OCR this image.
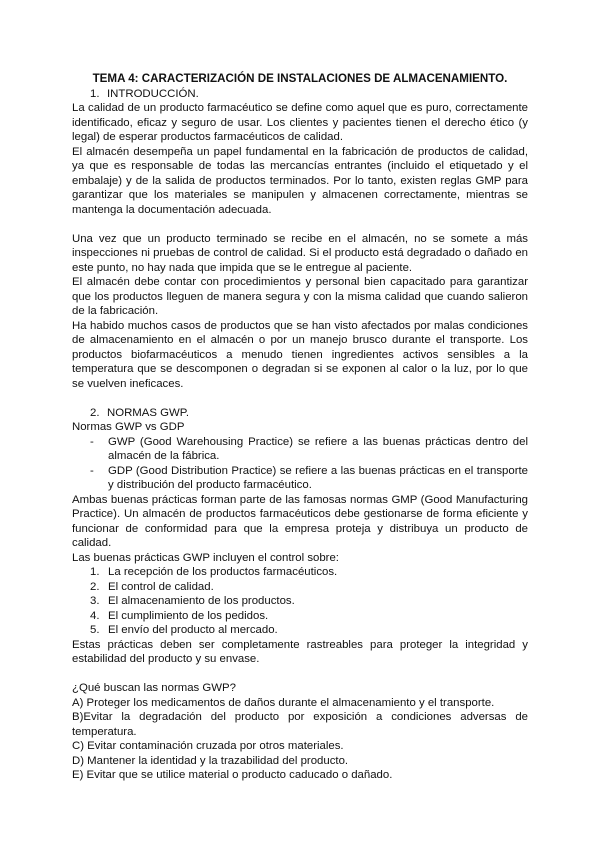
TEMA 4: CARACTERIZACIÓN DE INSTALACIONES DE ALMACENAMIENTO.
1. INTRODUCCIÓN.

La calidad de un producto farmacéutico se define como aquel que es puro, correctamente identificado, eficaz y seguro de usar. Los clientes y pacientes tienen el derecho ético (y legal) de esperar productos farmacéuticos de calidad.

El almacén desempeña un papel fundamental en la fabricación de productos de calidad, ya que es responsable de todas las mercancías entrantes (incluido el etiquetado y el embalaje) y de la salida de productos terminados. Por lo tanto, existen reglas GMP para garantizar que los materiales se manipulen y almacenen correctamente, mientras se mantenga la documentación adecuada.

Una vez que un producto terminado se recibe en el almacén, no se somete a más inspecciones ni pruebas de control de calidad. Si el producto está degradado o dañado en este punto, no hay nada que impida que se le entregue al paciente.

El almacén debe contar con procedimientos y personal bien capacitado para garantizar que los productos lleguen de manera segura y con la misma calidad que cuando salieron de la fabricación.

Ha habido muchos casos de productos que se han visto afectados por malas condiciones de almacenamiento en el almacén o por un manejo brusco durante el transporte. Los productos biofarmacéuticos a menudo tienen ingredientes activos sensibles a la temperatura que se descomponen o degradan si se exponen al calor o la luz, por lo que se vuelven ineficaces.

2. NORMAS GWP.

Normas GWP vs GDP

- GWP (Good Warehousing Practice) se refiere a las buenas prácticas dentro del almacén de la fábrica.
- GDP (Good Distribution Practice) se refiere a las buenas prácticas en el transporte y distribución del producto farmacéutico.

Ambas buenas prácticas forman parte de las famosas normas GMP (Good Manufacturing Practice). Un almacén de productos farmacéuticos debe gestionarse de forma eficiente y funcionar de conformidad para que la empresa proteja y distribuya un producto de calidad.

Las buenas prácticas GWP incluyen el control sobre:

1. La recepción de los productos farmacéuticos.
2. El control de calidad.
3. El almacenamiento de los productos.
4. El cumplimiento de los pedidos.
5. El envío del producto al mercado.

Estas prácticas deben ser completamente rastreables para proteger la integridad y estabilidad del producto y su envase.

¿Qué buscan las normas GWP?

A) Proteger los medicamentos de daños durante el almacenamiento y el transporte.

B)Evitar la degradación del producto por exposición a condiciones adversas de temperatura.

C) Evitar contaminación cruzada por otros materiales.

D) Mantener la identidad y la trazabilidad del producto.

E) Evitar que se utilice material o producto caducado o dañado.
